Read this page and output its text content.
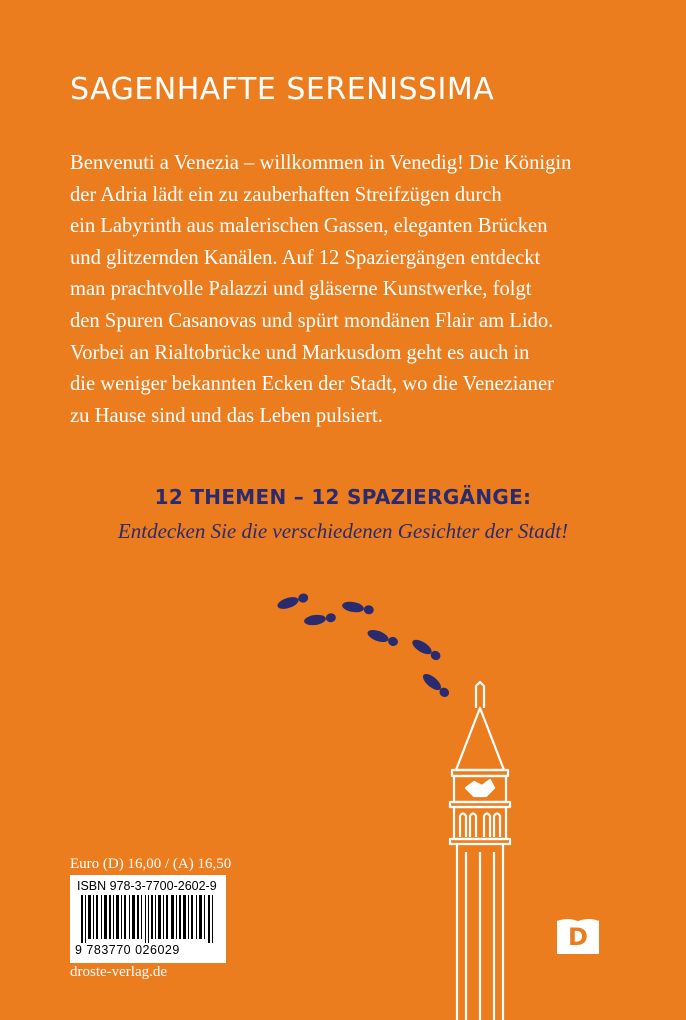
SAGENHAFTE SERENISSIMA
Benvenuti a Venezia – willkommen in Venedig! Die Königin
der Adria lädt ein zu zauberhaften Streifzügen durch
ein Labyrinth aus malerischen Gassen, eleganten Brücken
und glitzernden Kanälen. Auf 12 Spaziergängen entdeckt
man prachtvolle Palazzi und gläserne Kunstwerke, folgt
den Spuren Casanovas und spürt mondänen Flair am Lido.
Vorbei an Rialtobrücke und Markusdom geht es auch in
die weniger bekannten Ecken der Stadt, wo die Venezianer
zu Hause sind und das Leben pulsiert.
12 THEMEN – 12 SPAZIERGÄNGE:
Entdecken Sie die verschiedenen Gesichter der Stadt!
Euro (D) 16,00 / (A) 16,50
ISBN 978-3-7700-2602-9
9 783770 026029
droste-verlag.de
D
